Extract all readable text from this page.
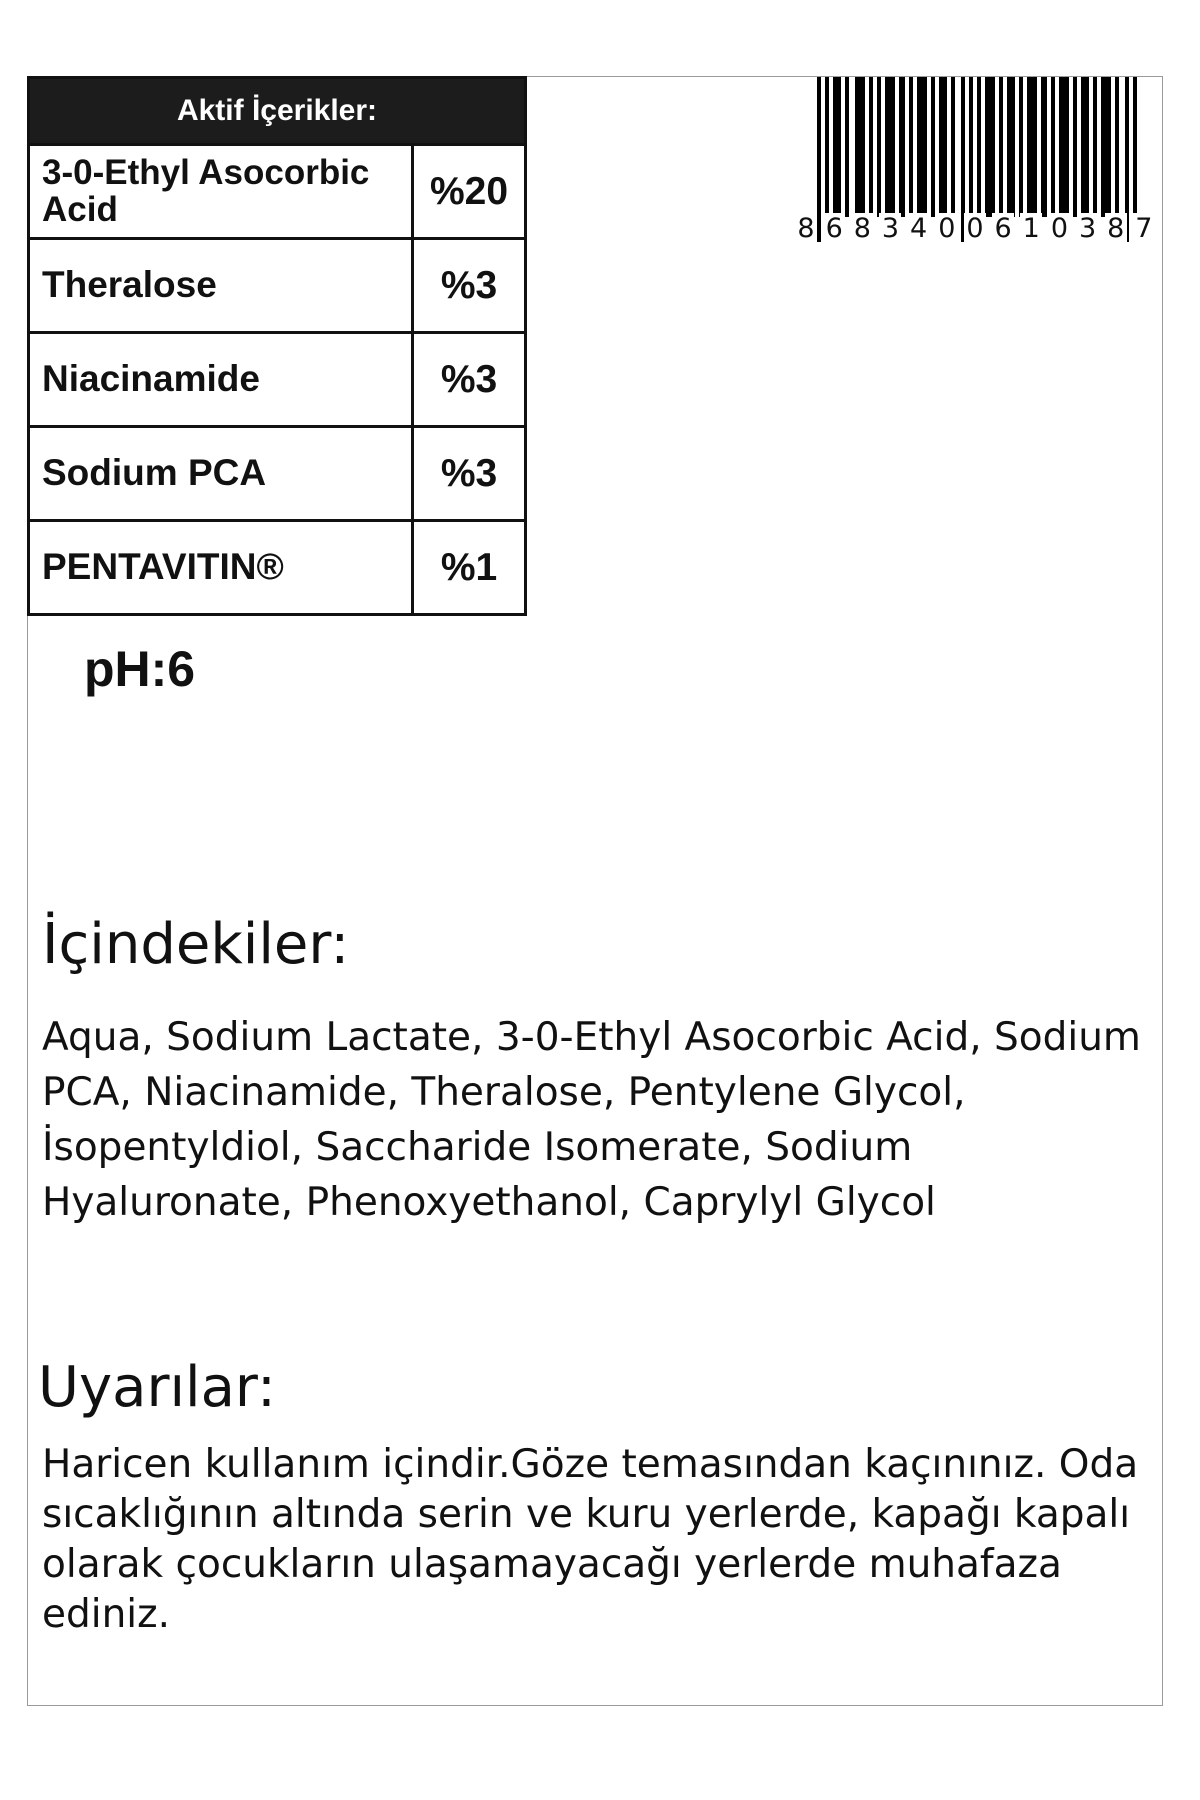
Aktif İçerikler:
3-0-Ethyl Asocorbic Acid	%20
Theralose	%3
Niacinamide	%3
Sodium PCA	%3
PENTAVITIN®	%1
pH:6
8 6 8 3 4 0 0 6 1 0 3 8 7
İçindekiler:
Aqua, Sodium Lactate, 3-0-Ethyl Asocorbic Acid, Sodium PCA, Niacinamide, Theralose, Pentylene Glycol, İsopentyldiol, Saccharide Isomerate, Sodium Hyaluronate, Phenoxyethanol, Caprylyl Glycol
Uyarılar:
Haricen kullanım içindir.Göze temasından kaçınınız. Oda sıcaklığının altında serin ve kuru yerlerde, kapağı kapalı olarak çocukların ulaşamayacağı yerlerde muhafaza ediniz.
